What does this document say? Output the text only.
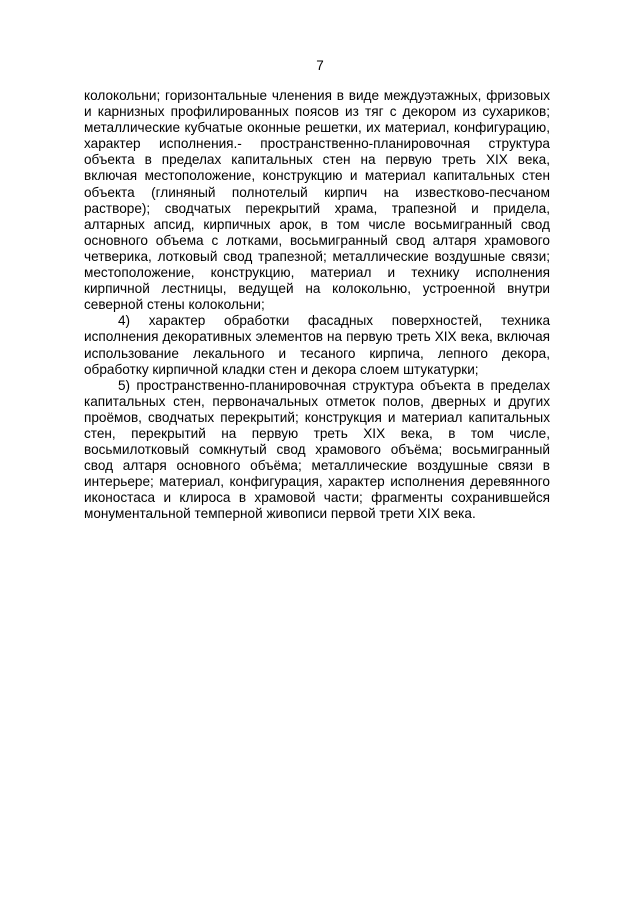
7

колокольни; горизонтальные членения в виде междуэтажных, фризовых и карнизных профилированных поясов из тяг с декором из сухариков; металлические кубчатые оконные решетки, их материал, конфигурацию, характер исполнения.- пространственно-планировочная структура объекта в пределах капитальных стен на первую треть XIX века, включая местоположение, конструкцию и материал капитальных стен объекта (глиняный полнотелый кирпич на известково-песчаном растворе); сводчатых перекрытий храма, трапезной и придела, алтарных апсид, кирпичных арок, в том числе восьмигранный свод основного объема с лотками, восьмигранный свод алтаря храмового четверика, лотковый свод трапезной; металлические воздушные связи; местоположение, конструкцию, материал и технику исполнения кирпичной лестницы, ведущей на колокольню, устроенной внутри северной стены колокольни;

4) характер обработки фасадных поверхностей, техника исполнения декоративных элементов на первую треть XIX века, включая использование лекального и тесаного кирпича, лепного декора, обработку кирпичной кладки стен и декора слоем штукатурки;

5) пространственно-планировочная структура объекта в пределах капитальных стен, первоначальных отметок полов, дверных и других проёмов, сводчатых перекрытий; конструкция и материал капитальных стен, перекрытий на первую треть XIX века, в том числе, восьмилотковый сомкнутый свод храмового объёма; восьмигранный свод алтаря основного объёма; металлические воздушные связи в интерьере; материал, конфигурация, характер исполнения деревянного иконостаса и клироса в храмовой части; фрагменты сохранившейся монументальной темперной живописи первой трети XIX века.
